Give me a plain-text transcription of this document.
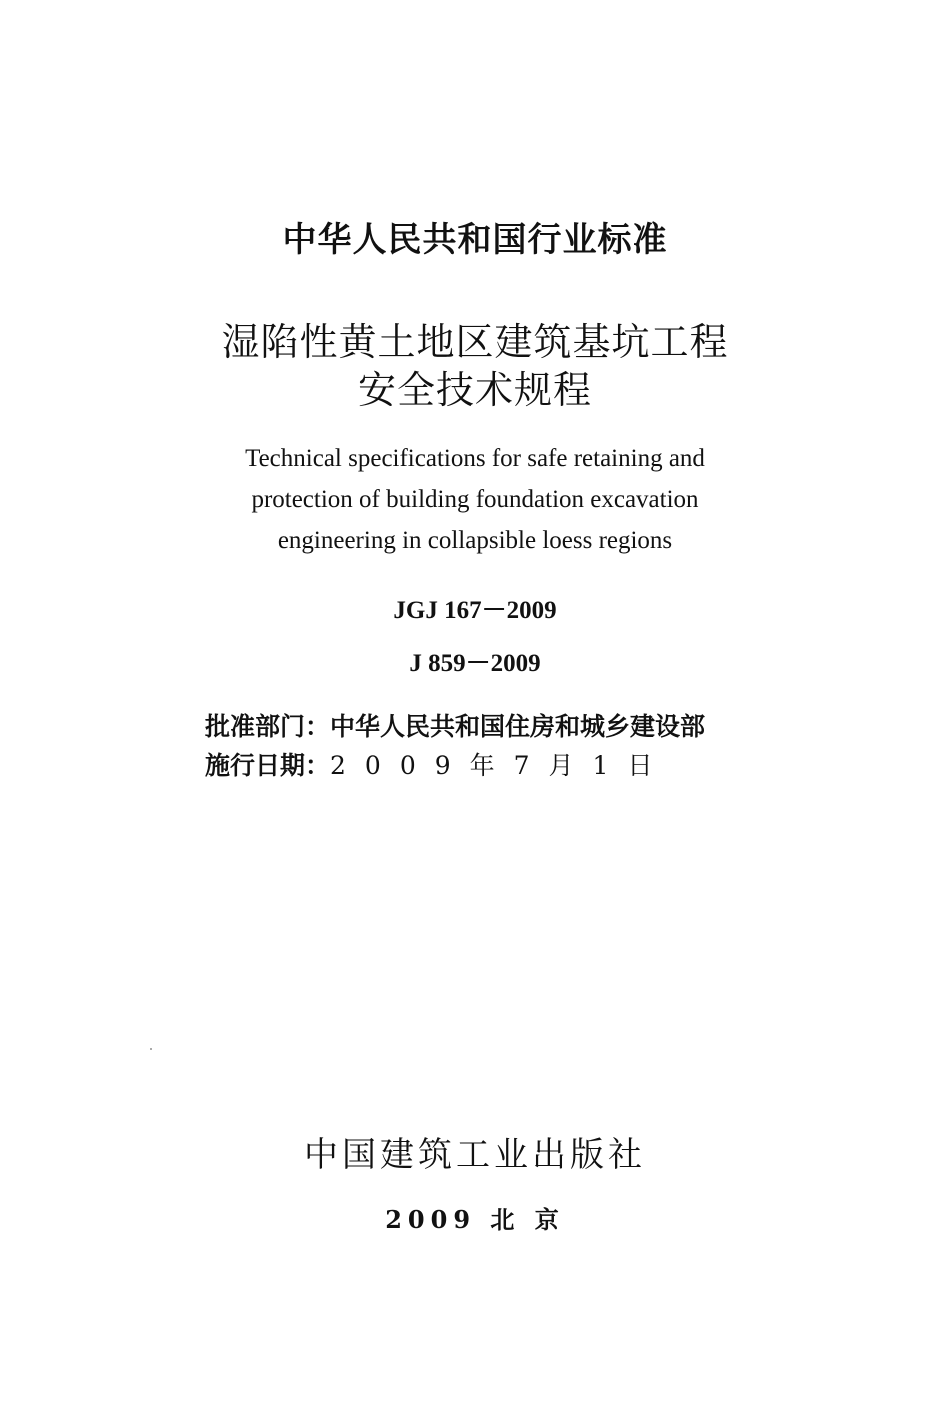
中华人民共和国行业标准
湿陷性黄土地区建筑基坑工程
安全技术规程
Technical specifications for safe retaining and
protection of building foundation excavation
engineering in collapsible loess regions
JGJ 167－2009
J 859－2009
批准部门：中华人民共和国住房和城乡建设部
施行日期：2009年7月1日
中国建筑工业出版社
2009 北 京
